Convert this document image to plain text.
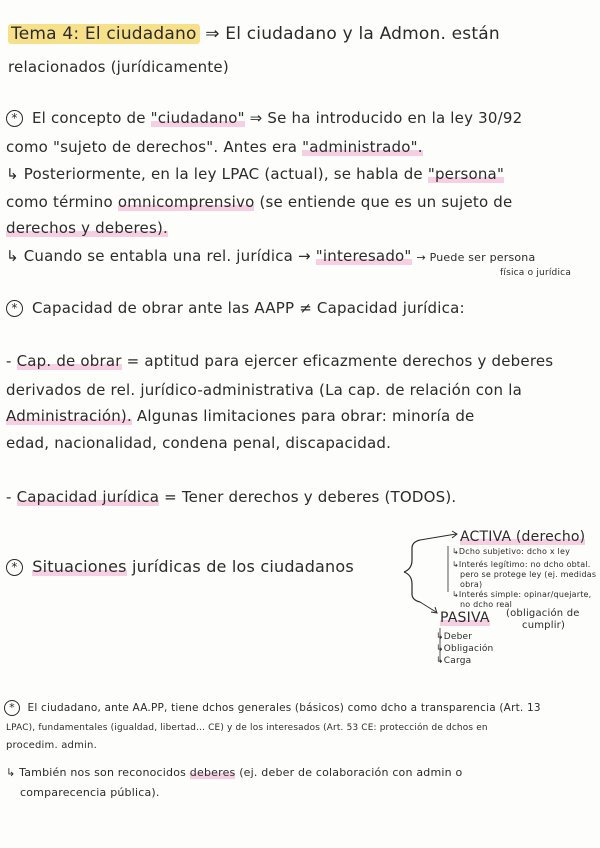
Tema 4: El ciudadano ⇒ El ciudadano y la Admon. están
relacionados (jurídicamente)
* El concepto de "ciudadano" ⇒ Se ha introducido en la ley 30/92
como "sujeto de derechos". Antes era "administrado".
↳ Posteriormente, en la ley LPAC (actual), se habla de "persona"
como término omnicomprensivo (se entiende que es un sujeto de
derechos y deberes).
↳ Cuando se entabla una rel. jurídica → "interesado" → Puede ser persona
física o jurídica
* Capacidad de obrar ante las AAPP ≠ Capacidad jurídica:
- Cap. de obrar = aptitud para ejercer eficazmente derechos y deberes
derivados de rel. jurídico-administrativa (La cap. de relación con la
Administración). Algunas limitaciones para obrar: minoría de
edad, nacionalidad, condena penal, discapacidad.
- Capacidad jurídica = Tener derechos y deberes (TODOS).
* Situaciones jurídicas de los ciudadanos
ACTIVA (derecho)
↳Dcho subjetivo: dcho x ley
↳Interés legítimo: no dcho obtal.
pero se protege ley (ej. medidas
obra)
↳Interés simple: opinar/quejarte,
no dcho real
PASIVA (obligación de
cumplir)
↳Deber
↳Obligación
↳Carga
* El ciudadano, ante AA.PP, tiene dchos generales (básicos) como dcho a transparencia (Art. 13
LPAC), fundamentales (igualdad, libertad... CE) y de los interesados (Art. 53 CE: protección de dchos en
procedim. admin.
↳ También nos son reconocidos deberes (ej. deber de colaboración con admin o
comparecencia pública).
